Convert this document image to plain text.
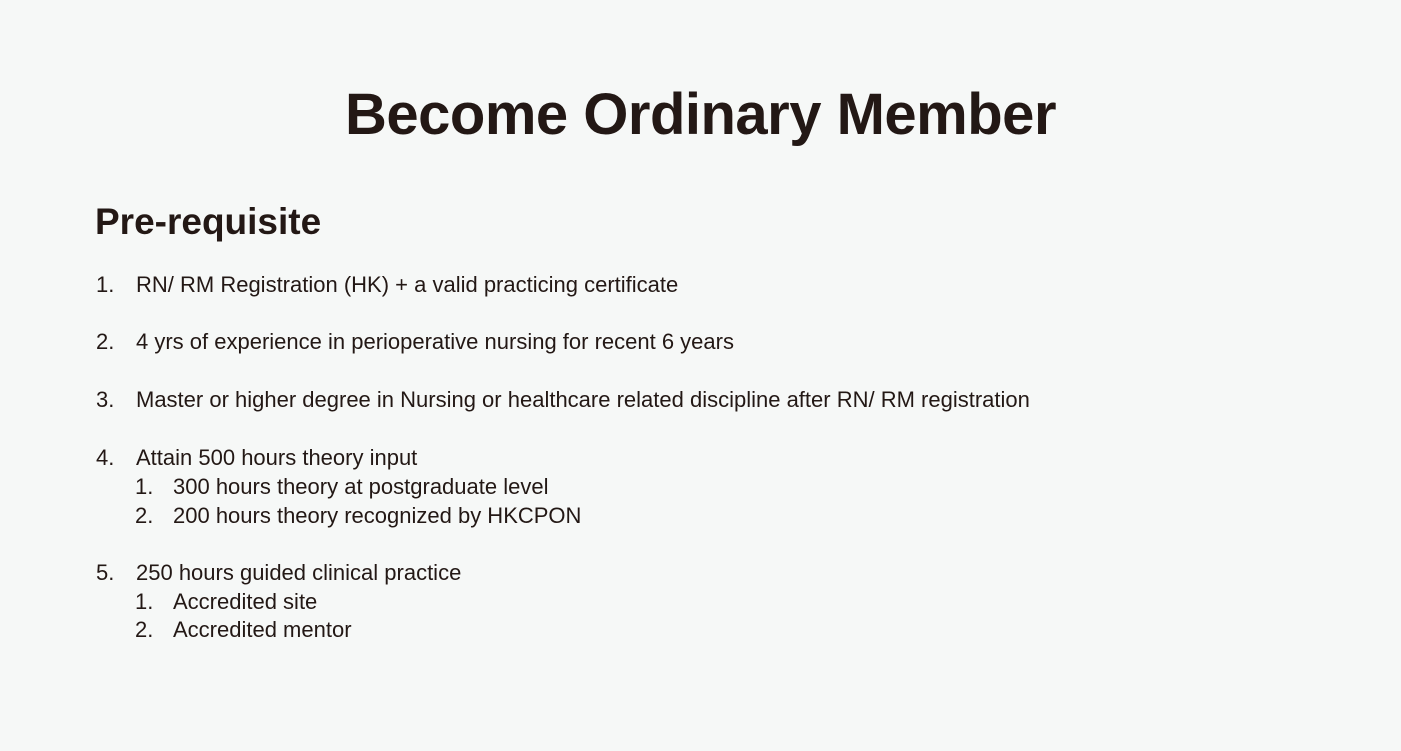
Become Ordinary Member
Pre-requisite
1. RN/ RM Registration (HK) + a valid practicing certificate
2. 4 yrs of experience in perioperative nursing for recent 6 years
3. Master or higher degree in Nursing or healthcare related discipline after RN/ RM registration
4. Attain 500 hours theory input
1. 300 hours theory at postgraduate level
2. 200 hours theory recognized by HKCPON
5. 250 hours guided clinical practice
1. Accredited site
2. Accredited mentor
